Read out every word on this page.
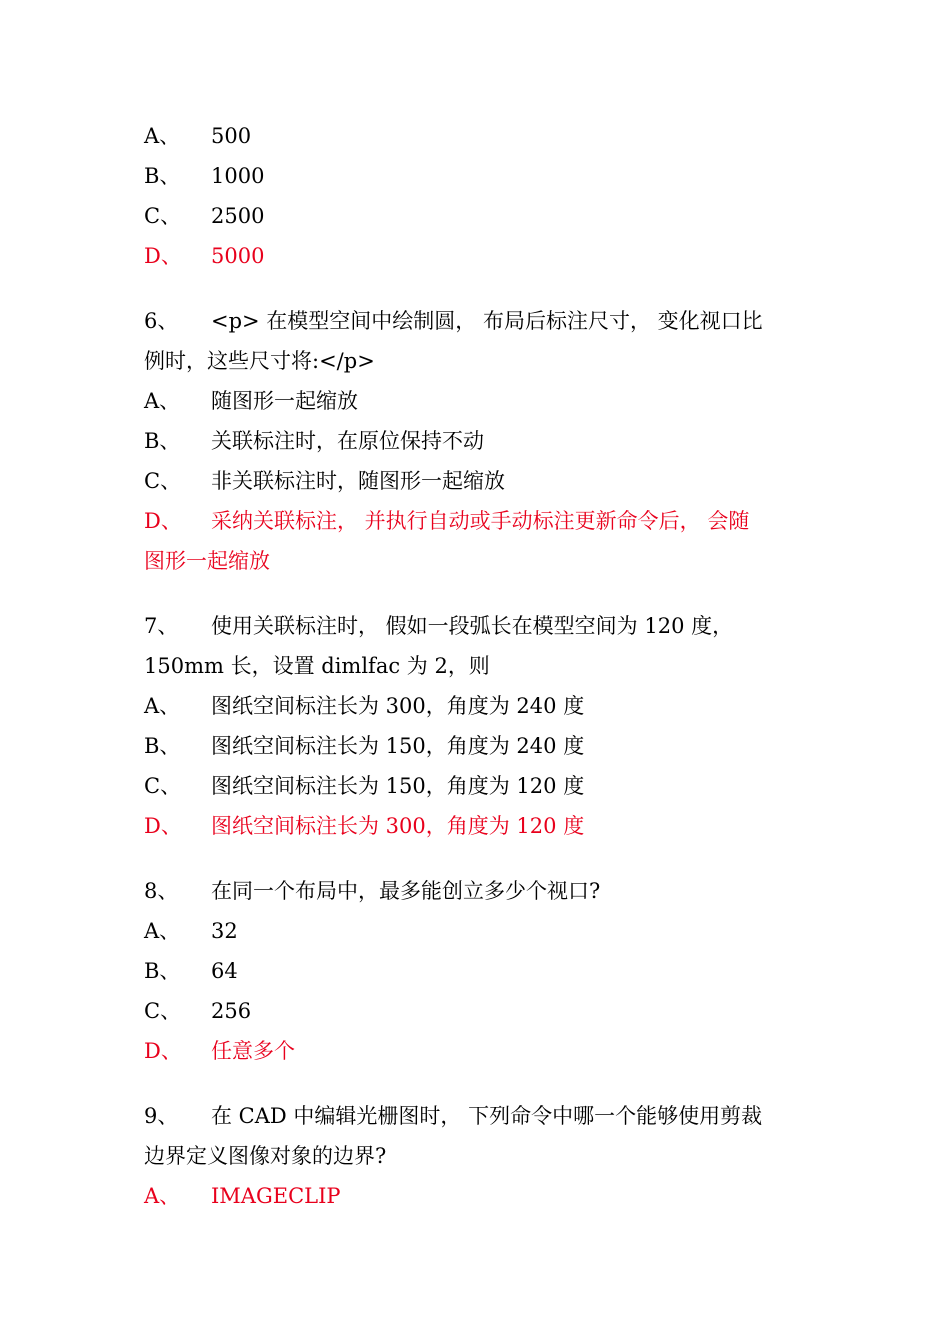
A、 500
B、 1000
C、 2500
D、 5000
6、 <p> 在模型空间中绘制圆， 布局后标注尺寸， 变化视口比
例时，这些尺寸将:</p>
A、 随图形一起缩放
B、 关联标注时，在原位保持不动
C、 非关联标注时，随图形一起缩放
D、 采纳关联标注， 并执行自动或手动标注更新命令后， 会随
图形一起缩放
7、 使用关联标注时， 假如一段弧长在模型空间为 120 度，
150mm 长，设置 dimlfac 为 2，则
A、 图纸空间标注长为 300，角度为 240 度
B、 图纸空间标注长为 150，角度为 240 度
C、 图纸空间标注长为 150，角度为 120 度
D、 图纸空间标注长为 300，角度为 120 度
8、 在同一个布局中，最多能创立多少个视口?
A、 32
B、 64
C、 256
D、 任意多个
9、 在 CAD 中编辑光栅图时， 下列命令中哪一个能够使用剪裁
边界定义图像对象的边界?
A、 IMAGECLIP
